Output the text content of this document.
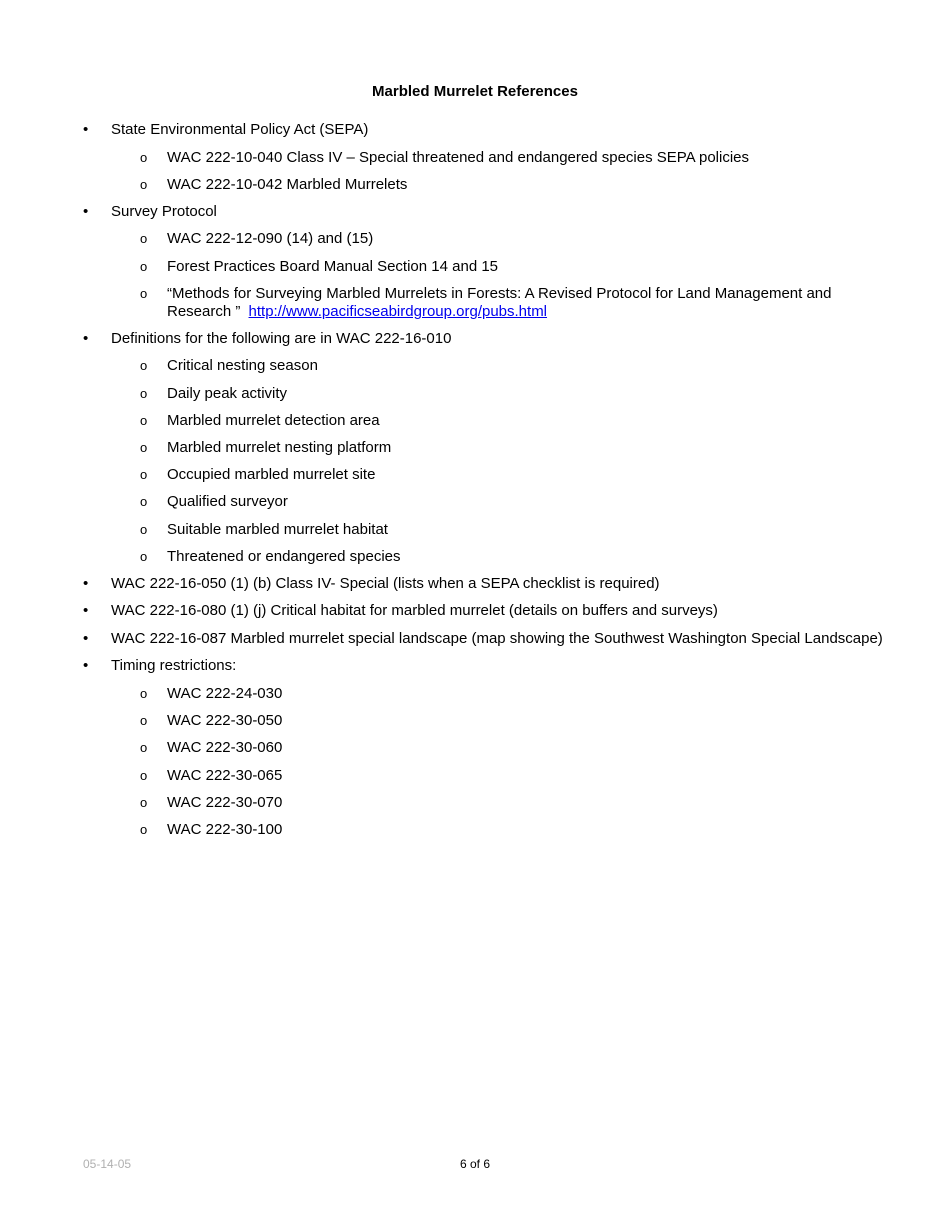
Marbled Murrelet References
• State Environmental Policy Act (SEPA)
o WAC 222-10-040 Class IV – Special threatened and endangered species SEPA policies
o WAC 222-10-042 Marbled Murrelets
• Survey Protocol
o WAC 222-12-090 (14) and (15)
o Forest Practices Board Manual Section 14 and 15
o “Methods for Surveying Marbled Murrelets in Forests: A Revised Protocol for Land Management and Research ” http://www.pacificseabirdgroup.org/pubs.html
• Definitions for the following are in WAC 222-16-010
o Critical nesting season
o Daily peak activity
o Marbled murrelet detection area
o Marbled murrelet nesting platform
o Occupied marbled murrelet site
o Qualified surveyor
o Suitable marbled murrelet habitat
o Threatened or endangered species
• WAC 222-16-050 (1) (b) Class IV- Special (lists when a SEPA checklist is required)
• WAC 222-16-080 (1) (j) Critical habitat for marbled murrelet (details on buffers and surveys)
• WAC 222-16-087 Marbled murrelet special landscape (map showing the Southwest Washington Special Landscape)
• Timing restrictions:
o WAC 222-24-030
o WAC 222-30-050
o WAC 222-30-060
o WAC 222-30-065
o WAC 222-30-070
o WAC 222-30-100
05-14-05	6 of 6
